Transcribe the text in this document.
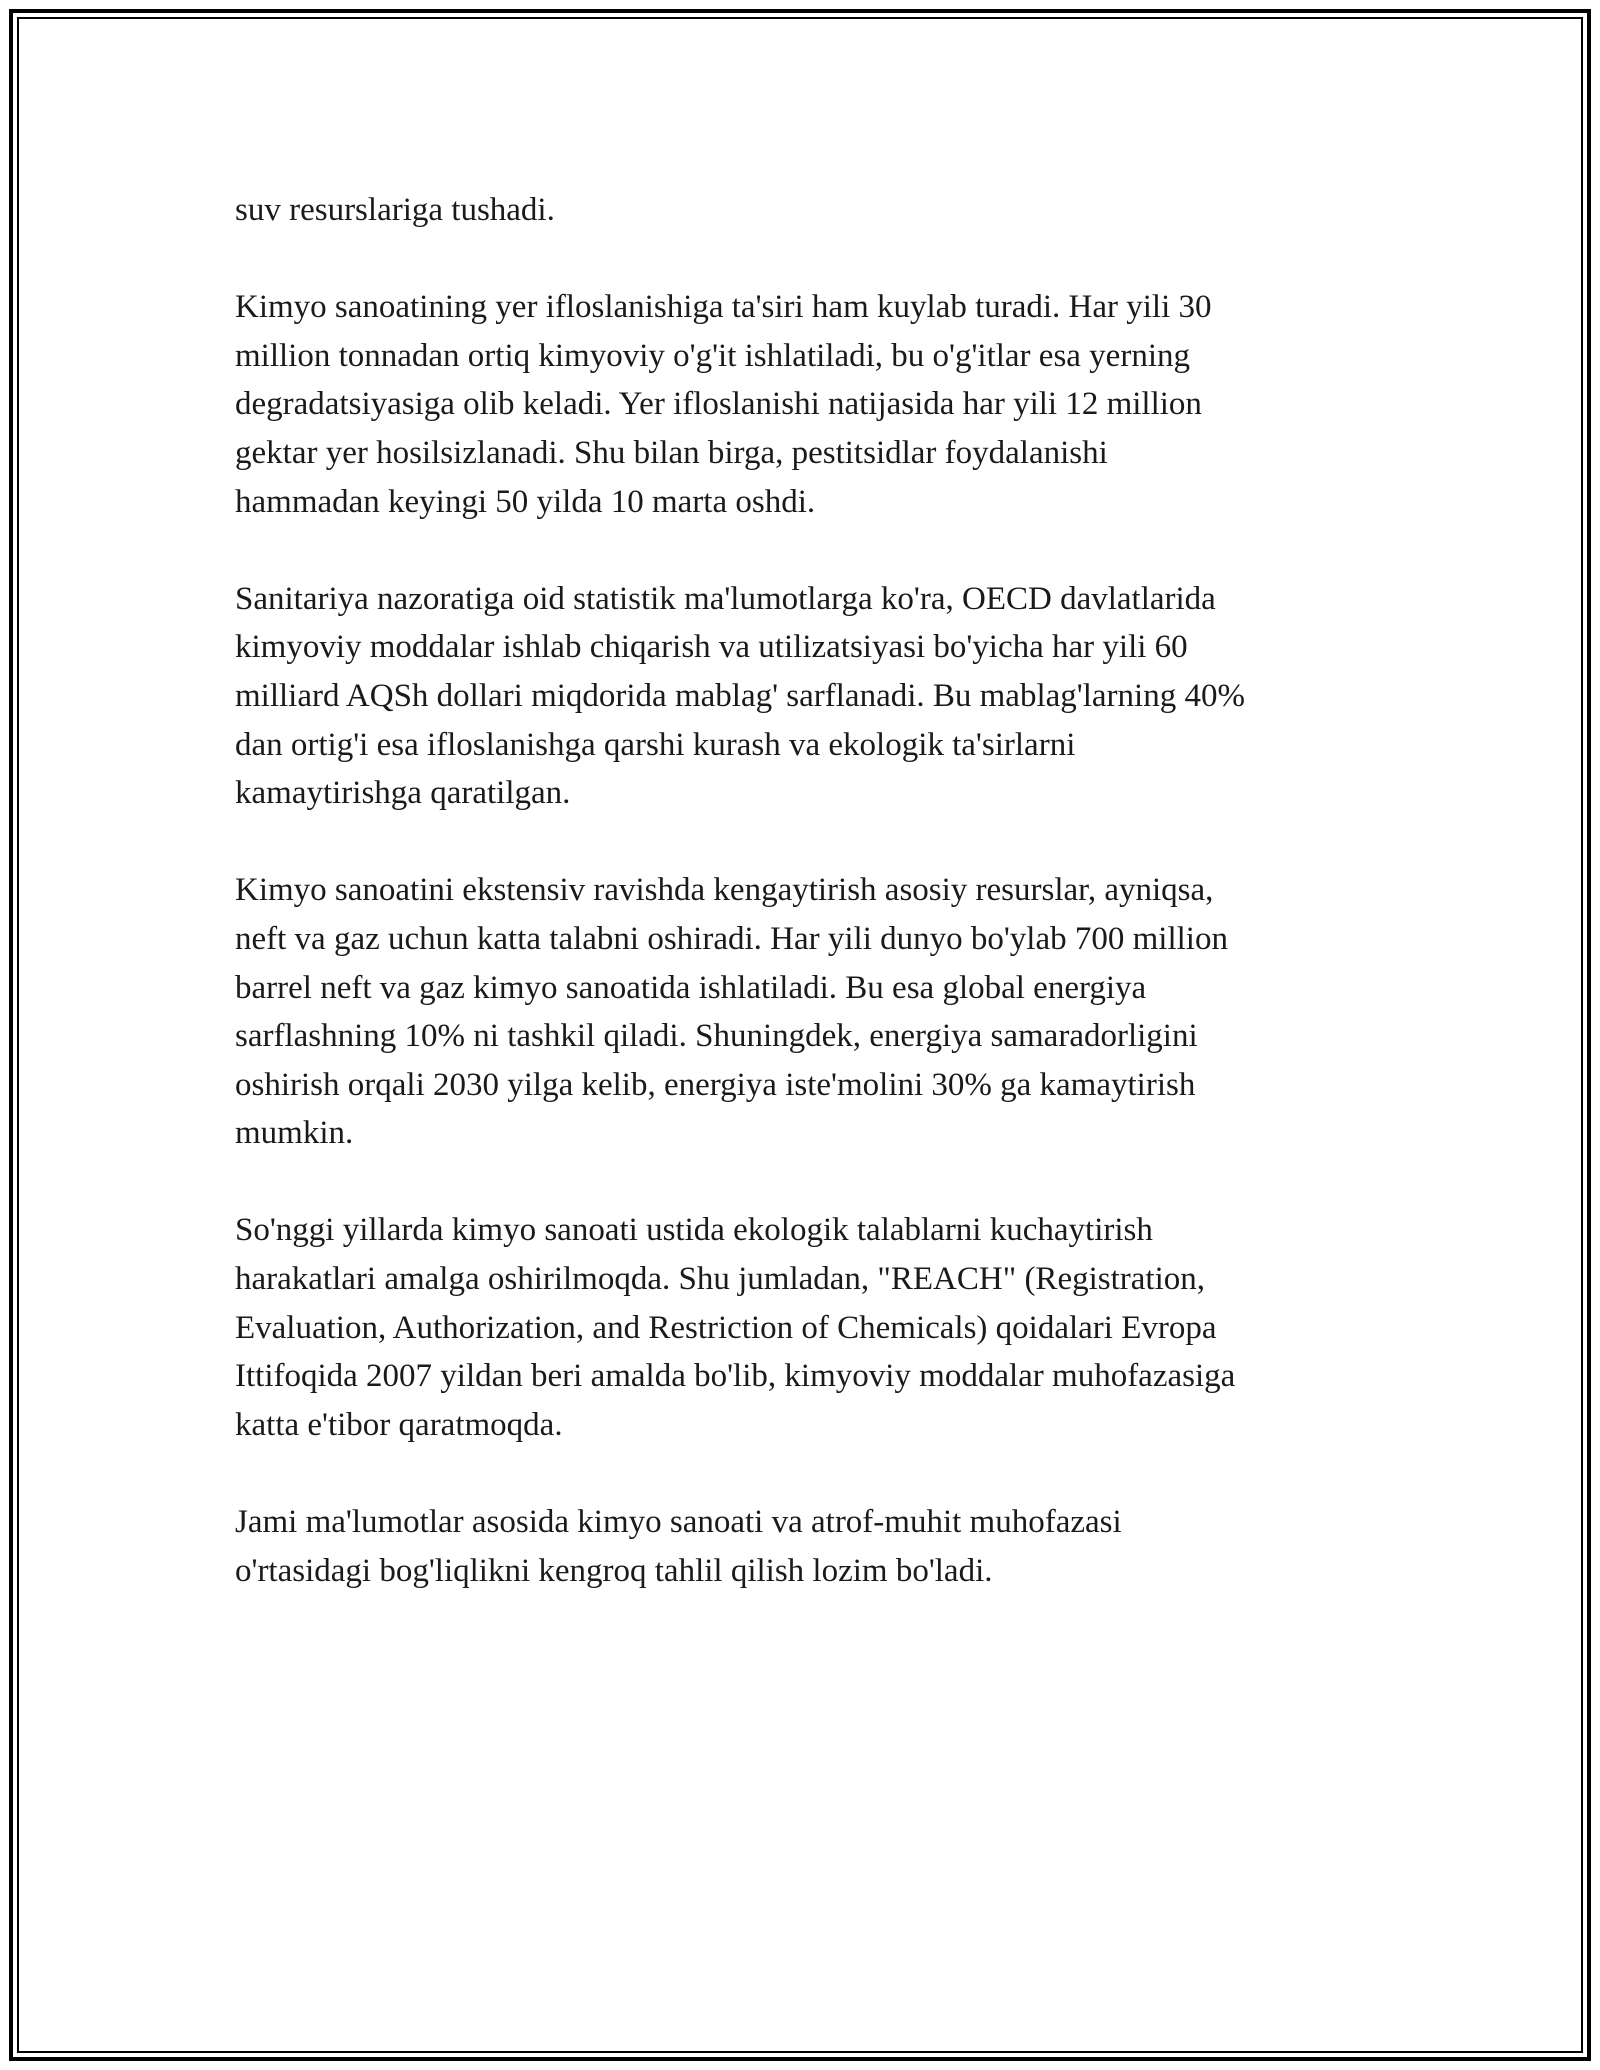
suv resurslariga tushadi.

Kimyo sanoatining yer ifloslanishiga ta'siri ham kuylab turadi. Har yili 30
million tonnadan ortiq kimyoviy o'g'it ishlatiladi, bu o'g'itlar esa yerning
degradatsiyasiga olib keladi. Yer ifloslanishi natijasida har yili 12 million
gektar yer hosilsizlanadi. Shu bilan birga, pestitsidlar foydalanishi
hammadan keyingi 50 yilda 10 marta oshdi.

Sanitariya nazoratiga oid statistik ma'lumotlarga ko'ra, OECD davlatlarida
kimyoviy moddalar ishlab chiqarish va utilizatsiyasi bo'yicha har yili 60
milliard AQSh dollari miqdorida mablag' sarflanadi. Bu mablag'larning 40%
dan ortig'i esa ifloslanishga qarshi kurash va ekologik ta'sirlarni
kamaytirishga qaratilgan.

Kimyo sanoatini ekstensiv ravishda kengaytirish asosiy resurslar, ayniqsa,
neft va gaz uchun katta talabni oshiradi. Har yili dunyo bo'ylab 700 million
barrel neft va gaz kimyo sanoatida ishlatiladi. Bu esa global energiya
sarflashning 10% ni tashkil qiladi. Shuningdek, energiya samaradorligini
oshirish orqali 2030 yilga kelib, energiya iste'molini 30% ga kamaytirish
mumkin.

So'nggi yillarda kimyo sanoati ustida ekologik talablarni kuchaytirish
harakatlari amalga oshirilmoqda. Shu jumladan, "REACH" (Registration,
Evaluation, Authorization, and Restriction of Chemicals) qoidalari Evropa
Ittifoqida 2007 yildan beri amalda bo'lib, kimyoviy moddalar muhofazasiga
katta e'tibor qaratmoqda.

Jami ma'lumotlar asosida kimyo sanoati va atrof-muhit muhofazasi
o'rtasidagi bog'liqlikni kengroq tahlil qilish lozim bo'ladi.
